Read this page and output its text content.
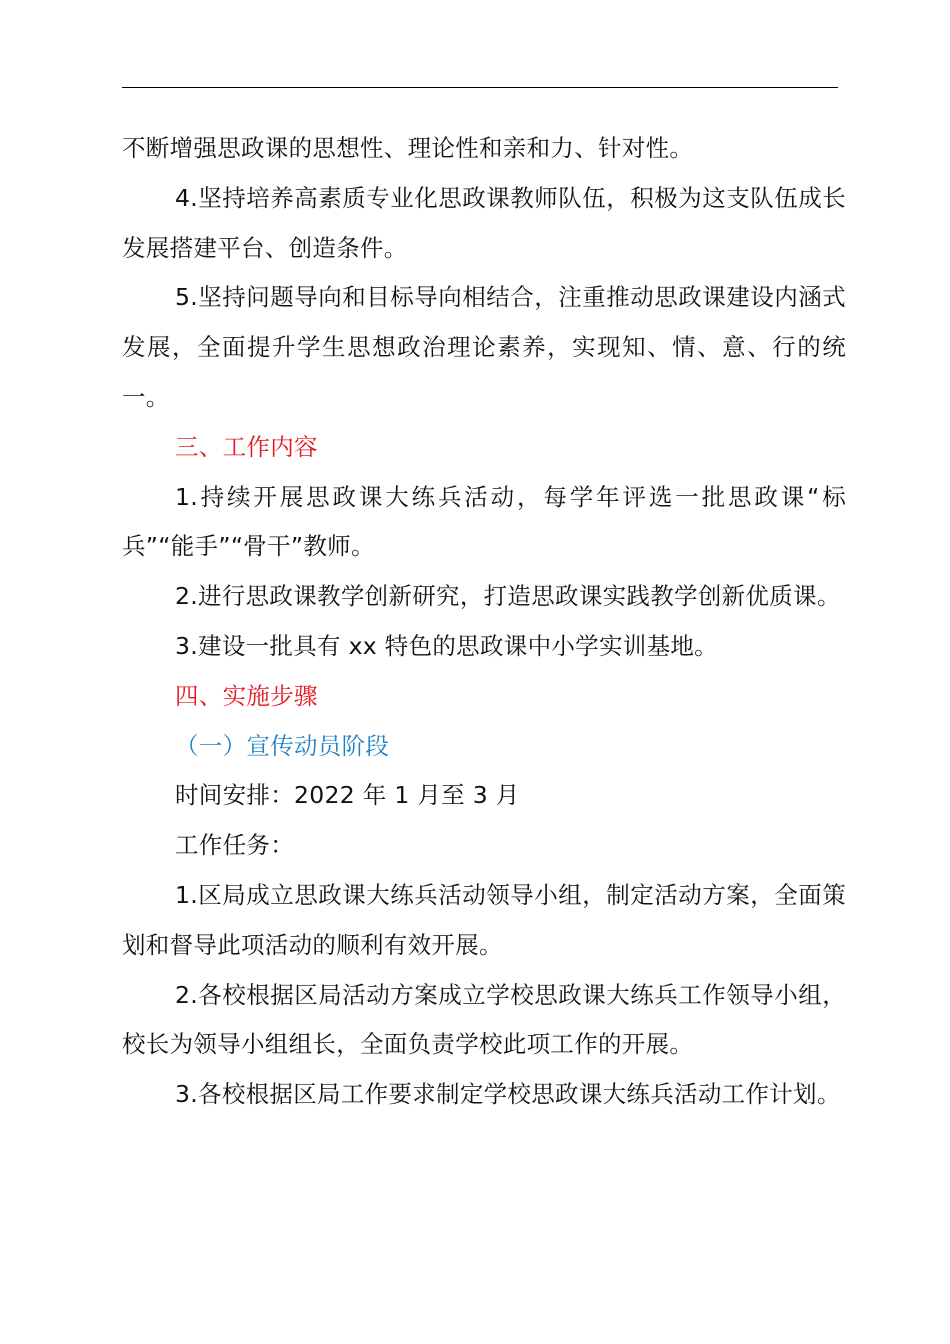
不断增强思政课的思想性、理论性和亲和力、针对性。

4.坚持培养高素质专业化思政课教师队伍，积极为这支队伍成长发展搭建平台、创造条件。

5.坚持问题导向和目标导向相结合，注重推动思政课建设内涵式发展，全面提升学生思想政治理论素养，实现知、情、意、行的统一。

三、工作内容

1.持续开展思政课大练兵活动，每学年评选一批思政课“标兵”“能手”“骨干”教师。

2.进行思政课教学创新研究，打造思政课实践教学创新优质课。

3.建设一批具有 xx 特色的思政课中小学实训基地。

四、实施步骤

（一）宣传动员阶段

时间安排：2022 年 1 月至 3 月

工作任务：

1.区局成立思政课大练兵活动领导小组，制定活动方案，全面策划和督导此项活动的顺利有效开展。

2.各校根据区局活动方案成立学校思政课大练兵工作领导小组，校长为领导小组组长，全面负责学校此项工作的开展。

3.各校根据区局工作要求制定学校思政课大练兵活动工作计划。
